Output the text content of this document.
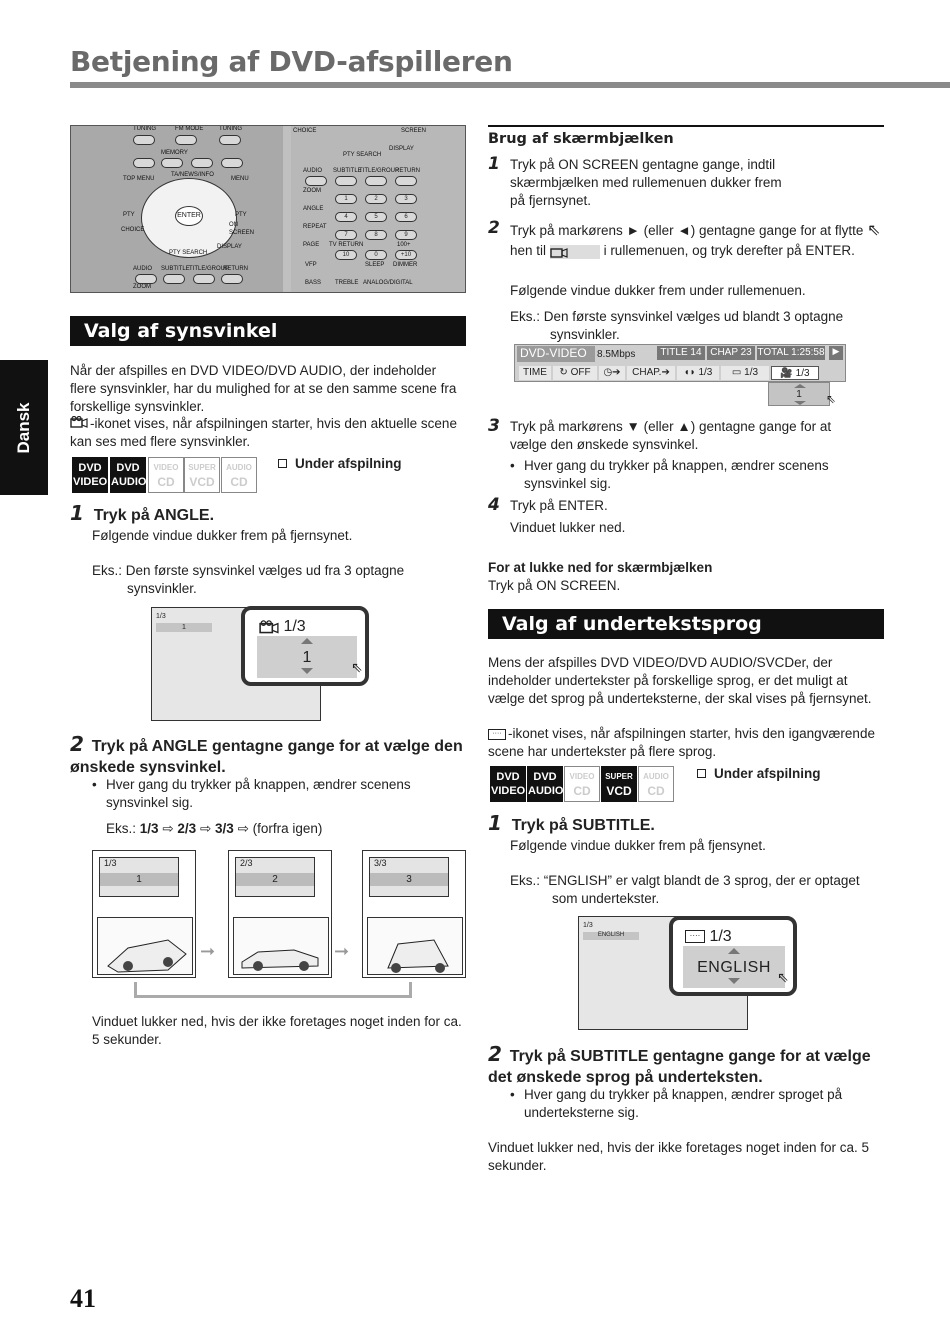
Betjening af DVD-afspilleren
Dansk
TUNING	FM MODE	TUNING
MEMORY
TOP MENU
TA/NEWS/INFO
MENU
ENTER
PTY	PTY
CHOICE
ON SCREEN
PTY SEARCH
DISPLAY
AUDIO SUBTITLE TITLE/GROUP
RETURN
ZOOM
CHOICE	SCREEN
PTY SEARCH
DISPLAY
AUDIO SUBTITLE
TITLE/GROUP
RETURN
ZOOM
1	2	3
ANGLE
4	5	6
REPEAT
7	8	9
PAGE TV RETURN	100+
10	0	+10
VFP	SLEEP DIMMER
BASS TREBLE ANALOG/DIGITAL
Valg af synsvinkel

Når der afspilles en DVD VIDEO/DVD AUDIO, der indeholder flere synsvinkler, har du mulighed for at se den samme scene fra forskellige synsvinkler.

-ikonet vises, når afspilningen starter, hvis den aktuelle scene kan ses med flere synsvinkler.
DVD
VIDEO
DVD
AUDIO
VIDEO
CD
SUPER
VCD
AUDIO
CD
Under afspilning
1 Tryk på ANGLE.

Følgende vindue dukker frem på fjernsynet.

Eks.: Den første synsvinkel vælges ud fra 3 optagne synsvinkler.

1/3
1	1/3
1
⇖
2 Tryk på ANGLE gentagne gange for at vælge den ønskede synsvinkel.
• Hver gang du trykker på knappen, ændrer scenens synsvinkel sig.
Eks.: 1/3 ⇨ 2/3 ⇨ 3/3 ⇨ (forfra igen)
1/3
1
2/3
2
3/3
3
➞	➞

Vinduet lukker ned, hvis der ikke foretages noget inden for ca. 5 sekunder.

Brug af skærmbjælken
1 Tryk på ON SCREEN gentagne gange, indtil skærmbjælken med rullemenuen dukker frem på fjernsynet.
2 Tryk på markørens ► (eller ◄) gentagne gange for at flytte ⇖ hen til	i rullemenuen, og tryk derefter på ENTER.

Følgende vindue dukker frem under rullemenuen.

Eks.: Den første synsvinkel vælges ud blandt 3 optagne synsvinkler.

DVD-VIDEO	8.5Mbps	TITLE 14 CHAP 23 TOTAL 1:25:58 ▶
TIME	↻ OFF	◷➔	CHAP.➔	◖◗ 1/3	▭ 1/3	🎥 1/3
1	⇖
3 Tryk på markørens ▼ (eller ▲) gentagne gange for at vælge den ønskede synsvinkel.
• Hver gang du trykker på knappen, ændrer scenens synsvinkel sig.
4 Tryk på ENTER.

Vinduet lukker ned.

For at lukke ned for skærmbjælken

Tryk på ON SCREEN.

Valg af undertekstsprog

Mens der afspilles DVD VIDEO/DVD AUDIO/SVCDer, der indeholder undertekster på forskellige sprog, er det muligt at vælge det sprog på underteksterne, der skal vises på fjernsynet.

···· -ikonet vises, når afspilningen starter, hvis den igangværende scene har undertekster på flere sprog.
DVD
VIDEO
DVD
AUDIO
VIDEO
CD
SUPER
VCD
AUDIO
CD
Under afspilning
1 Tryk på SUBTITLE.

Følgende vindue dukker frem på fjensynet.

Eks.: “ENGLISH” er valgt blandt de 3 sprog, der er optaget som undertekster.

1/3
ENGLISH	···· 1/3
ENGLISH
⇖
2 Tryk på SUBTITLE gentagne gange for at vælge det ønskede sprog på underteksten.
• Hver gang du trykker på knappen, ændrer sproget på underteksterne sig.

Vinduet lukker ned, hvis der ikke foretages noget inden for ca. 5 sekunder.

41
